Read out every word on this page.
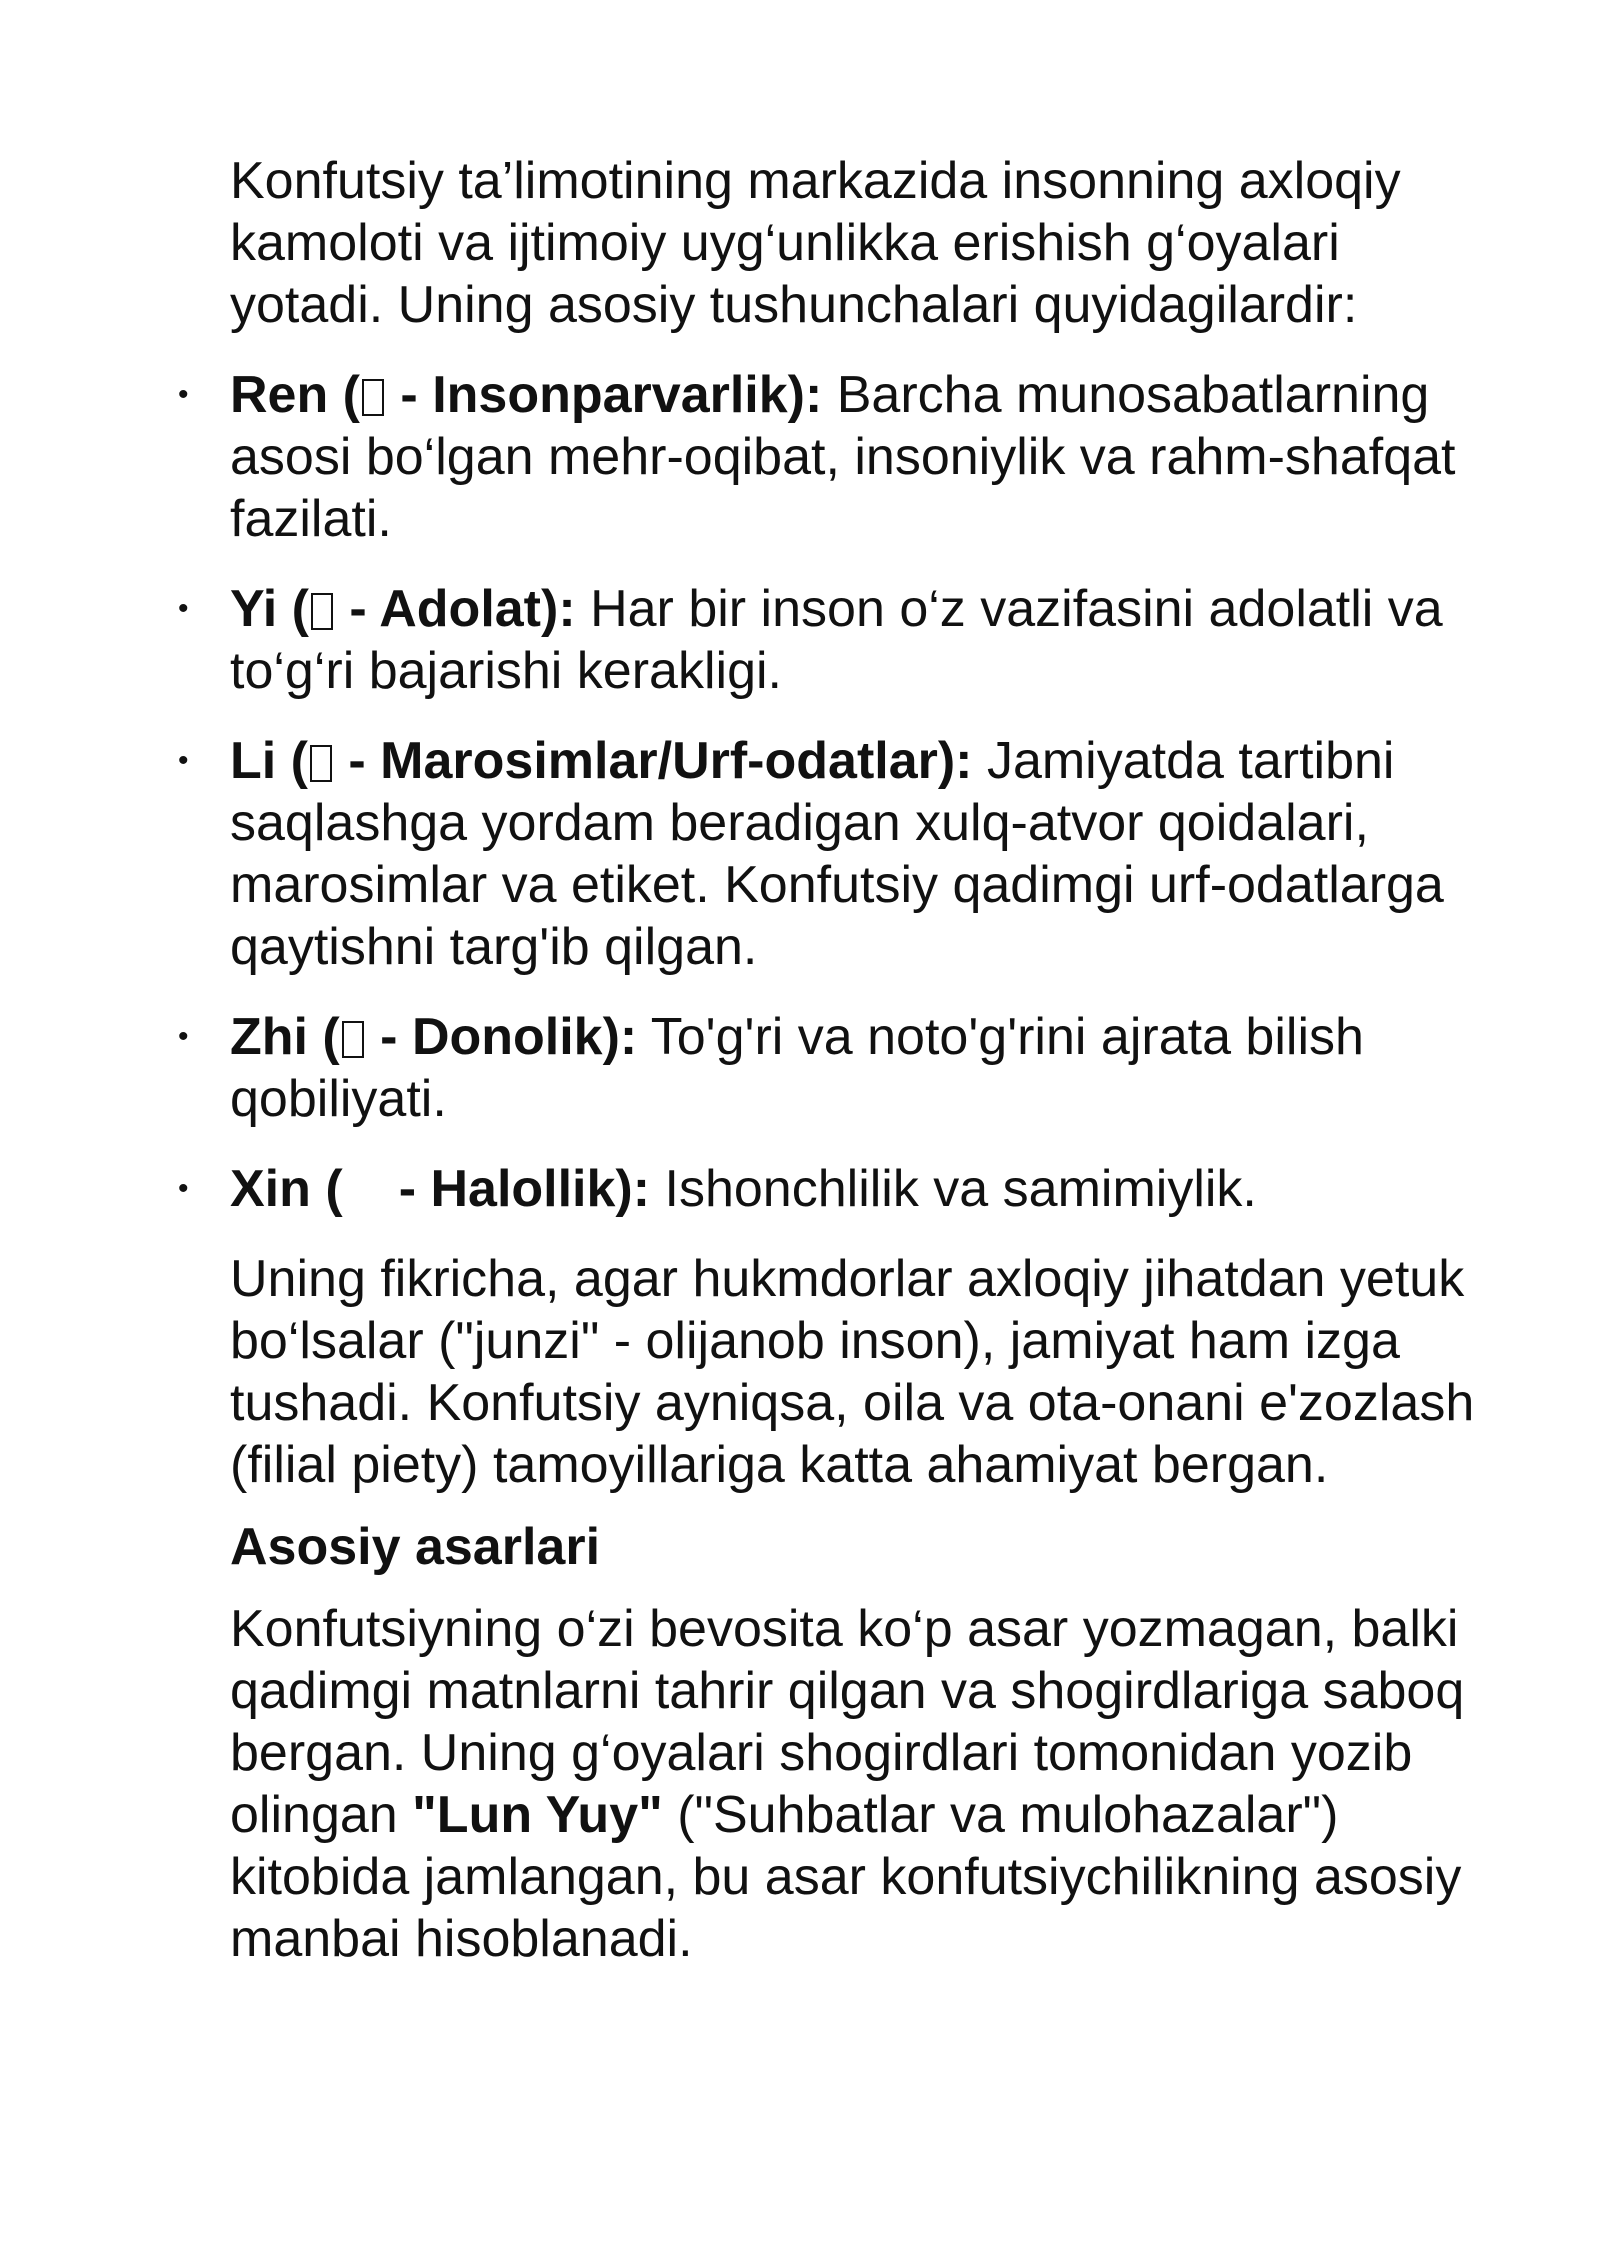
Konfutsiy ta’limotining markazida insonning axloqiy kamoloti va ijtimoiy uyg‘unlikka erishish g‘oyalari yotadi. Uning asosiy tushunchalari quyidagilardir:

• Ren ( - Insonparvarlik): Barcha munosabatlarning asosi bo‘lgan mehr-oqibat, insoniylik va rahm-shafqat fazilati.
• Yi ( - Adolat): Har bir inson o‘z vazifasini adolatli va to‘g‘ri bajarishi kerakligi.
• Li ( - Marosimlar/Urf-odatlar): Jamiyatda tartibni saqlashga yordam beradigan xulq-atvor qoidalari, marosimlar va etiket. Konfutsiy qadimgi urf-odatlarga qaytishni targ'ib qilgan.
• Zhi ( - Donolik): To'g'ri va noto'g'rini ajrata bilish qobiliyati.
• Xin ( - Halollik): Ishonchlilik va samimiylik.

Uning fikricha, agar hukmdorlar axloqiy jihatdan yetuk bo‘lsalar ("junzi" - olijanob inson), jamiyat ham izga tushadi. Konfutsiy ayniqsa, oila va ota-onani e'zozlash (filial piety) tamoyillariga katta ahamiyat bergan.

Asosiy asarlari

Konfutsiyning o‘zi bevosita ko‘p asar yozmagan, balki qadimgi matnlarni tahrir qilgan va shogirdlariga saboq bergan. Uning g‘oyalari shogirdlari tomonidan yozib olingan "Lun Yuy" ("Suhbatlar va mulohazalar") kitobida jamlangan, bu asar konfutsiychilikning asosiy manbai hisoblanadi.
